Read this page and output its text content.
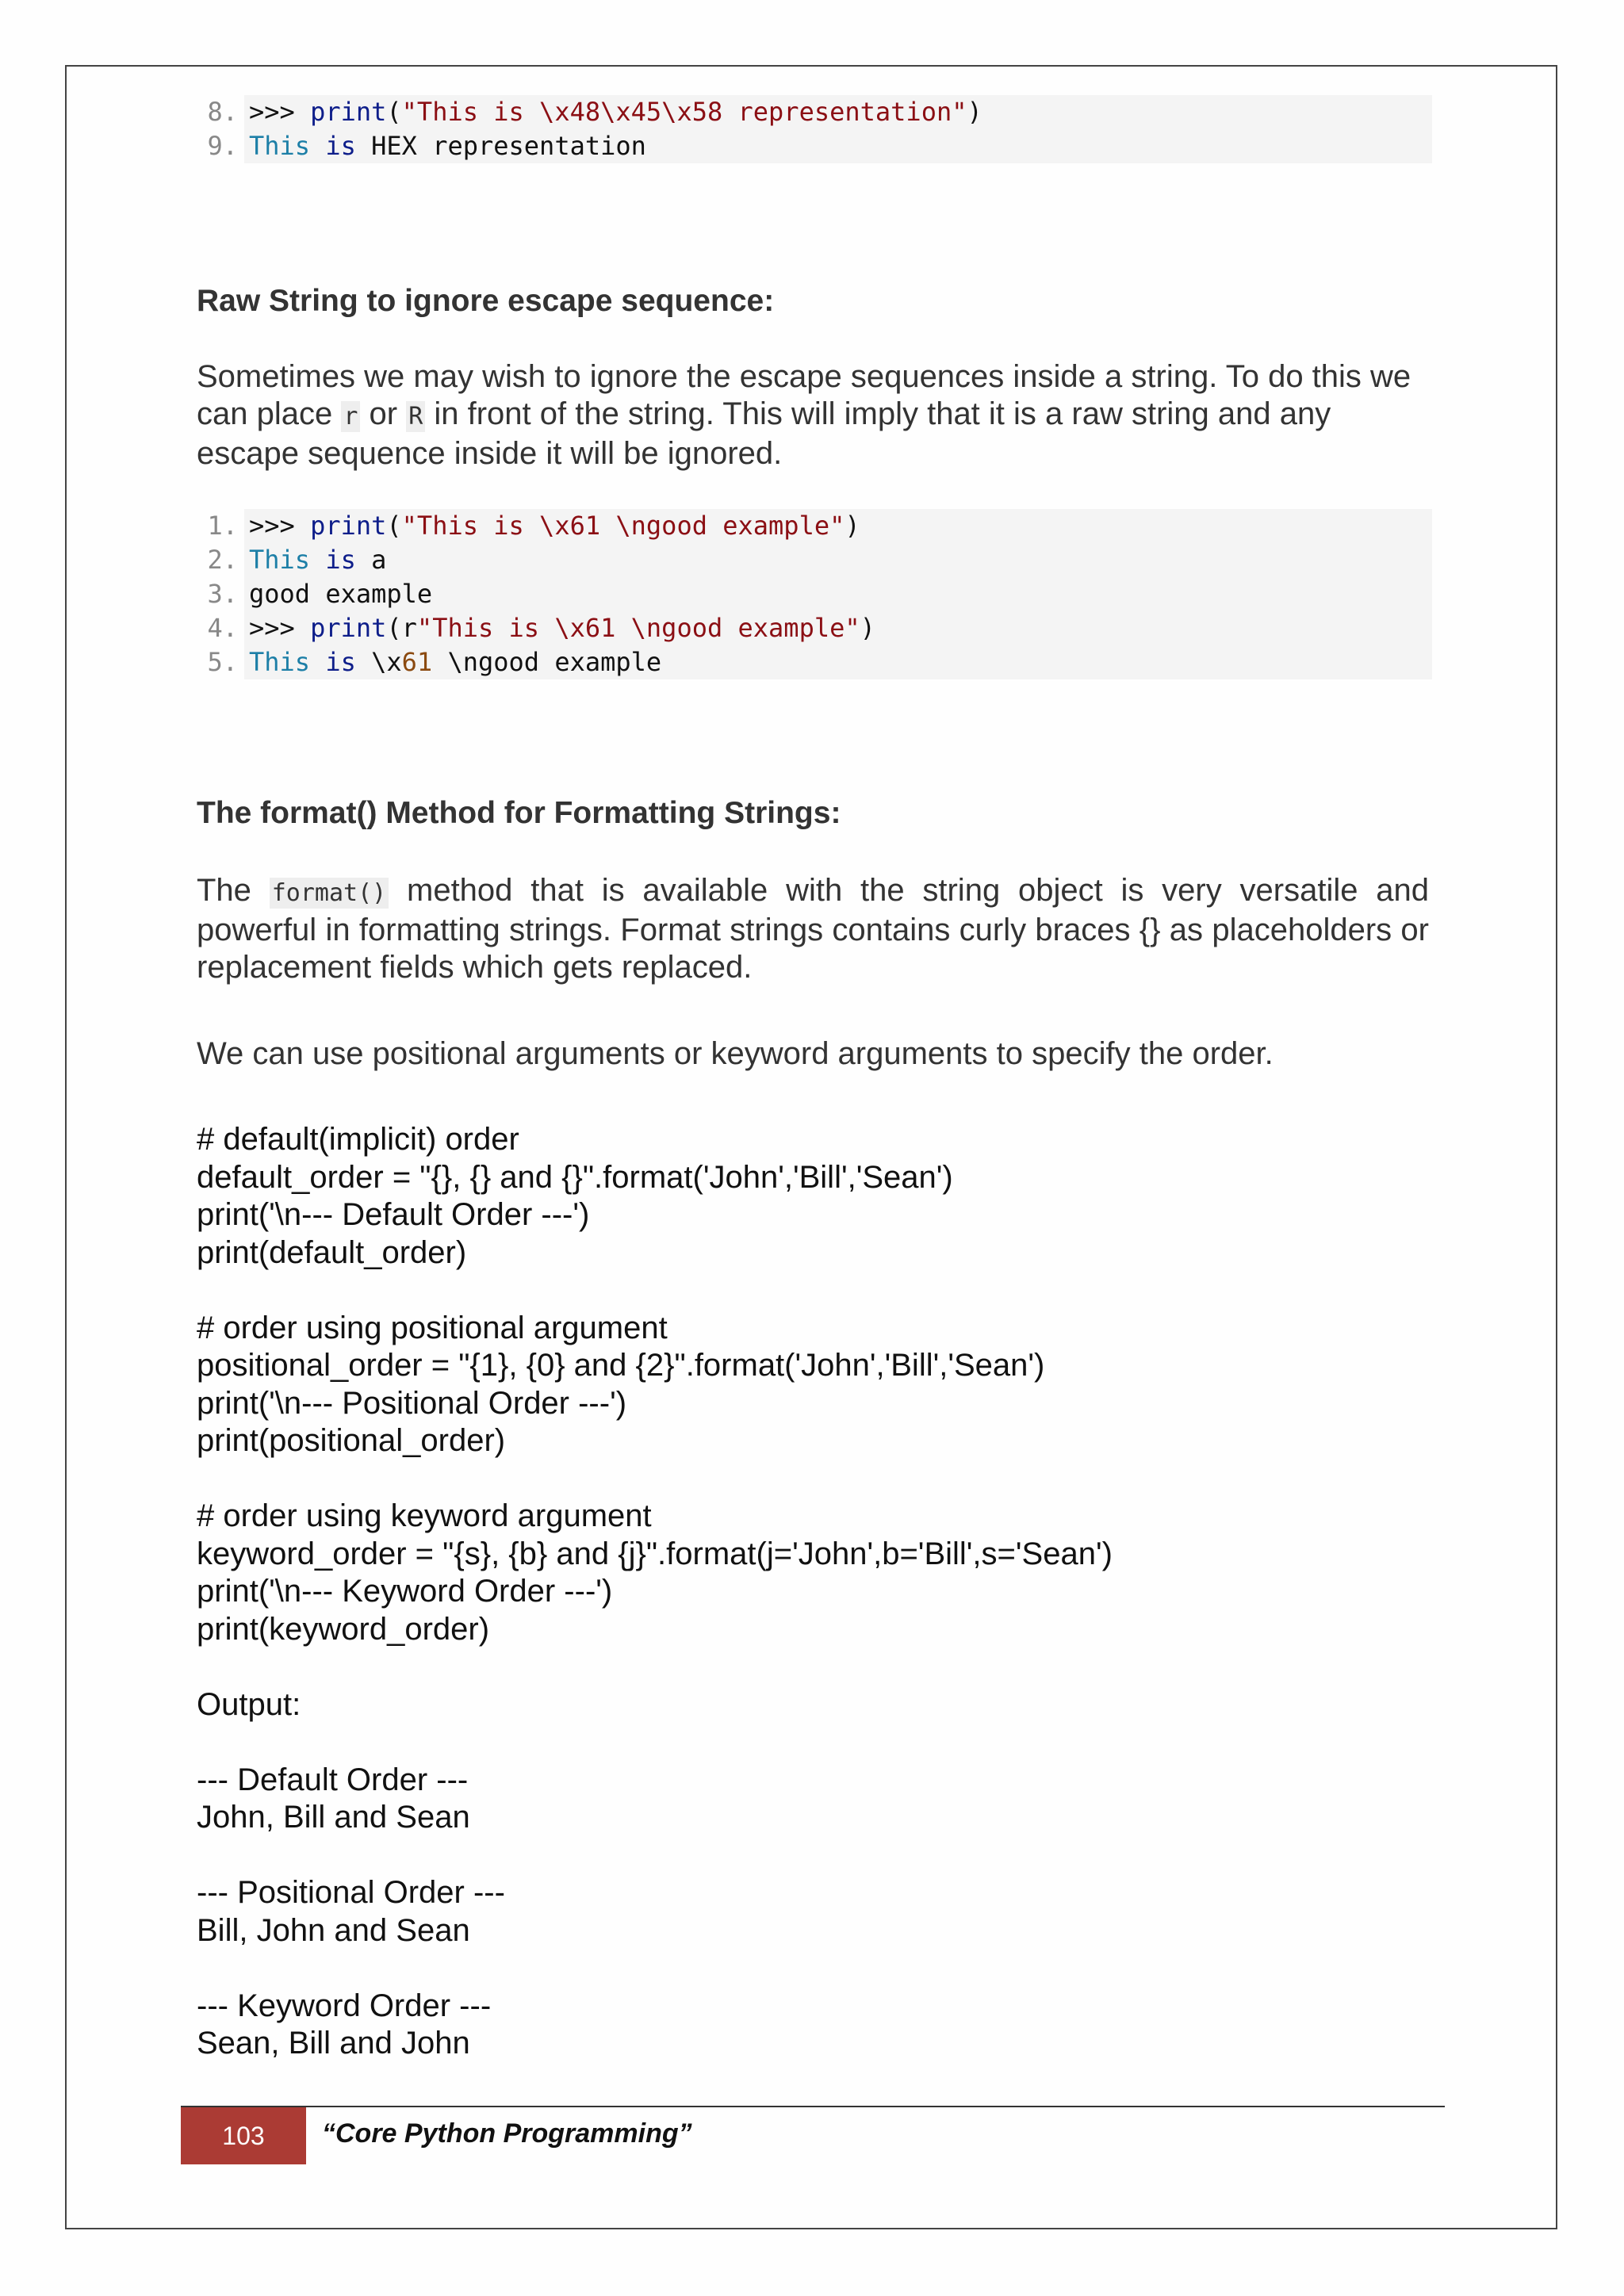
8. >>> print("This is \x48\x45\x58 representation")
9. This is HEX representation
Raw String to ignore escape sequence:
Sometimes we may wish to ignore the escape sequences inside a string. To do this we can place r or R in front of the string. This will imply that it is a raw string and any escape sequence inside it will be ignored.
1. >>> print("This is \x61 \ngood example")
2. This is a
3. good example
4. >>> print(r"This is \x61 \ngood example")
5. This is \x61 \ngood example
The format() Method for Formatting Strings:
The format() method that is available with the string object is very versatile and powerful in formatting strings. Format strings contains curly braces {} as placeholders or replacement fields which gets replaced.
We can use positional arguments or keyword arguments to specify the order.
# default(implicit) order
default_order = "{}, {} and {}".format('John','Bill','Sean')
print('\n--- Default Order ---')
print(default_order)
# order using positional argument
positional_order = "{1}, {0} and {2}".format('John','Bill','Sean')
print('\n--- Positional Order ---')
print(positional_order)
# order using keyword argument
keyword_order = "{s}, {b} and {j}".format(j='John',b='Bill',s='Sean')
print('\n--- Keyword Order ---')
print(keyword_order)
Output:
--- Default Order ---
John, Bill and Sean
--- Positional Order ---
Bill, John and Sean
--- Keyword Order ---
Sean, Bill and John
103 “Core Python Programming”
